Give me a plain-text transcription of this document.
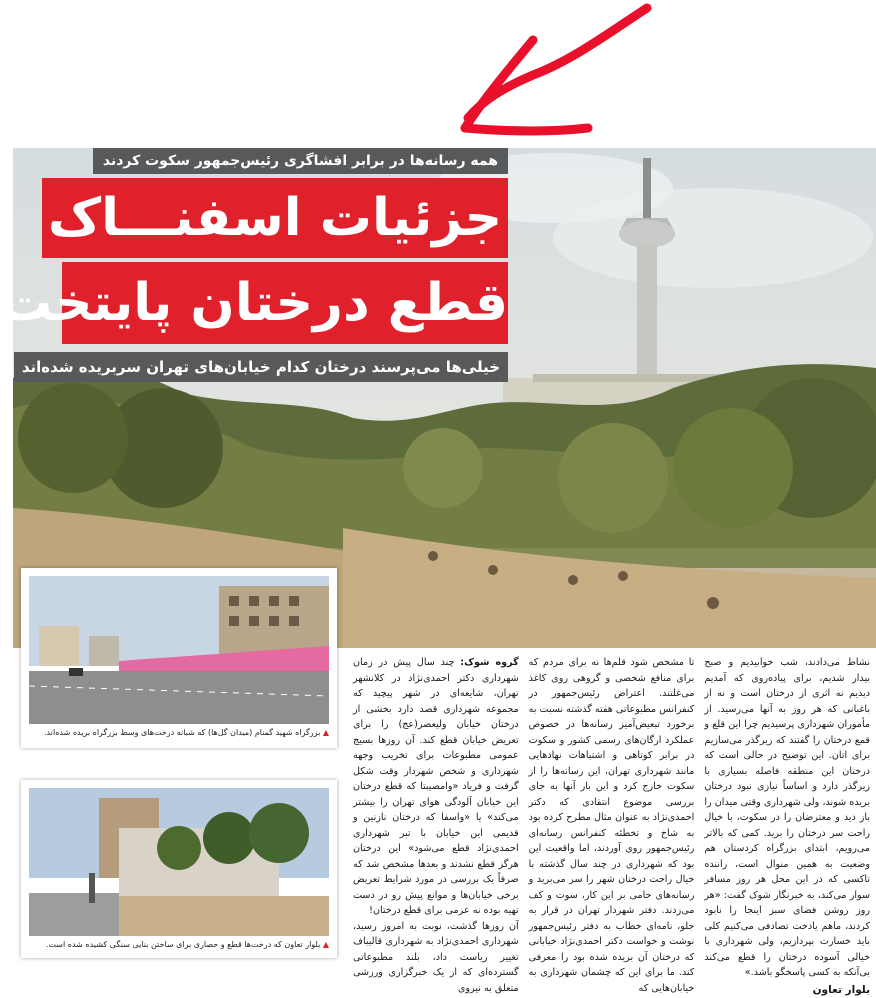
همه رسانه‌ها در برابر افشاگری رئیس‌جمهور سکوت کردند
جزئیات اسفنـــاک
قطع درختان پایتخت
خیلی‌ها می‌پرسند درختان کدام خیابان‌های تهران سربریده شده‌اند
▲ بزرگراه شهید گمنام (میدان گل‌ها) که شبانه درخت‌های وسط بزرگراه بریده شده‌اند.
▲ بلوار تعاون که درخت‌ها قطع و حصاری برای ساختن بنایی سنگی کشیده شده است.

گروه شوک: چند سال پیش در زمان شهرداری دکتر احمدی‌نژاد در کلانشهر تهران، شایعه‌ای در شهر پیچید که مجموعه شهرداری قصد دارد بخشی از درختان خیابان ولیعصر(عج) را برای تعریض خیابان قطع کند. آن روزها بسیج عمومی مطبوعات برای تخریب وجهه شهرداری و شخص شهردار وقت شکل گرفت و فریاد «وامصیبتا که قطع درختان این خیابان آلودگی هوای تهران را بیشتر می‌کند» یا «واسفا که درختان نازنین و قدیمی این خیابان با تبر شهرداری احمدی‌نژاد قطع می‌شود» این درختان هرگز قطع نشدند و بعدها مشخص شد که صرفاً یک بررسی در مورد شرایط تعریض برخی خیابان‌ها و موانع پیش رو در دست تهیه بوده نه عزمی برای قطع درختان!

آن روزها گذشت، نوبت به امروز رسید، شهرداری احمدی‌نژاد به شهرداری قالیباف تغییر ریاست داد، بلند مطبوعاتی گسترده‌ای که از یک خبرگزاری ورزشی متعلق به نیروی

تا مشخص شود قلم‌ها نه برای مردم که برای منافع شخصی و گروهی روی کاغذ می‌غلتند. اعتراض رئیس‌جمهور در کنفرانس مطبوعاتی هفته گذشته نسبت به برخورد تبعیض‌آمیز رسانه‌ها در خصوص عملکرد ارگان‌های رسمی کشور و سکوت در برابر کوتاهی و اشتباهات نهادهایی مانند شهرداری تهران، این رسانه‌ها را از سکوت خارج کرد و این بار آنها به جای بررسی موضوع انتقادی که دکتر احمدی‌نژاد به عنوان مثال مطرح کرده بود به شاخ و تخطئه کنفرانس رسانه‌ای رئیس‌جمهور روی آوردند، اما واقعیت این بود که شهرداری در چند سال گذشته با خیال راحت درختان شهر را سر می‌برید و رسانه‌های حامی بر این کار، سوت و کف می‌زدند. دفتر شهردار تهران در قرار به جلو، نامه‌ای خطاب به دفتر رئیس‌جمهور نوشت و خواست دکتر احمدی‌نژاد خیابانی که درختان آن بریده شده بود را معرفی کند. ما برای این که چشمان شهرداری به خیابان‌هایی که

نشاط می‌دادند، شب خوابیدیم و صبح بیدار شدیم، برای پیاده‌روی که آمدیم دیدیم نه اثری از درختان است و نه از باغبانی که هر روز به آنها می‌رسید. از مأموران شهرداری پرسیدیم چرا این قلع و قمع درختان را گفتند که زیرگذر می‌سازیم برای اتان. این توضیح در حالی است که درختان این منطقه فاصله بسیاری با زیرگذر دارد و اساساً نیازی نبود درختان بریده شوند، ولی شهرداری وقتی میدان را باز دید و معترضان را در سکوت، با خیال راحت سر درختان را برید. کمی که بالاتر می‌رویم، ابتدای بزرگراه کردستان هم وضعیت به همین منوال است، راننده تاکسی که در این محل هر روز مسافر سوار می‌کند، به خبرنگار شوک گفت: «هر روز روشن فضای سبز اینجا را نابود کردند، ماهم یادخت تصادفی می‌کنیم کلی باید خسارت بپردازیم، ولی شهرداری با خیالی آسوده درختان را قطع می‌کند بی‌آنکه به کسی پاسخگو باشد.»

بلوار تعاون
